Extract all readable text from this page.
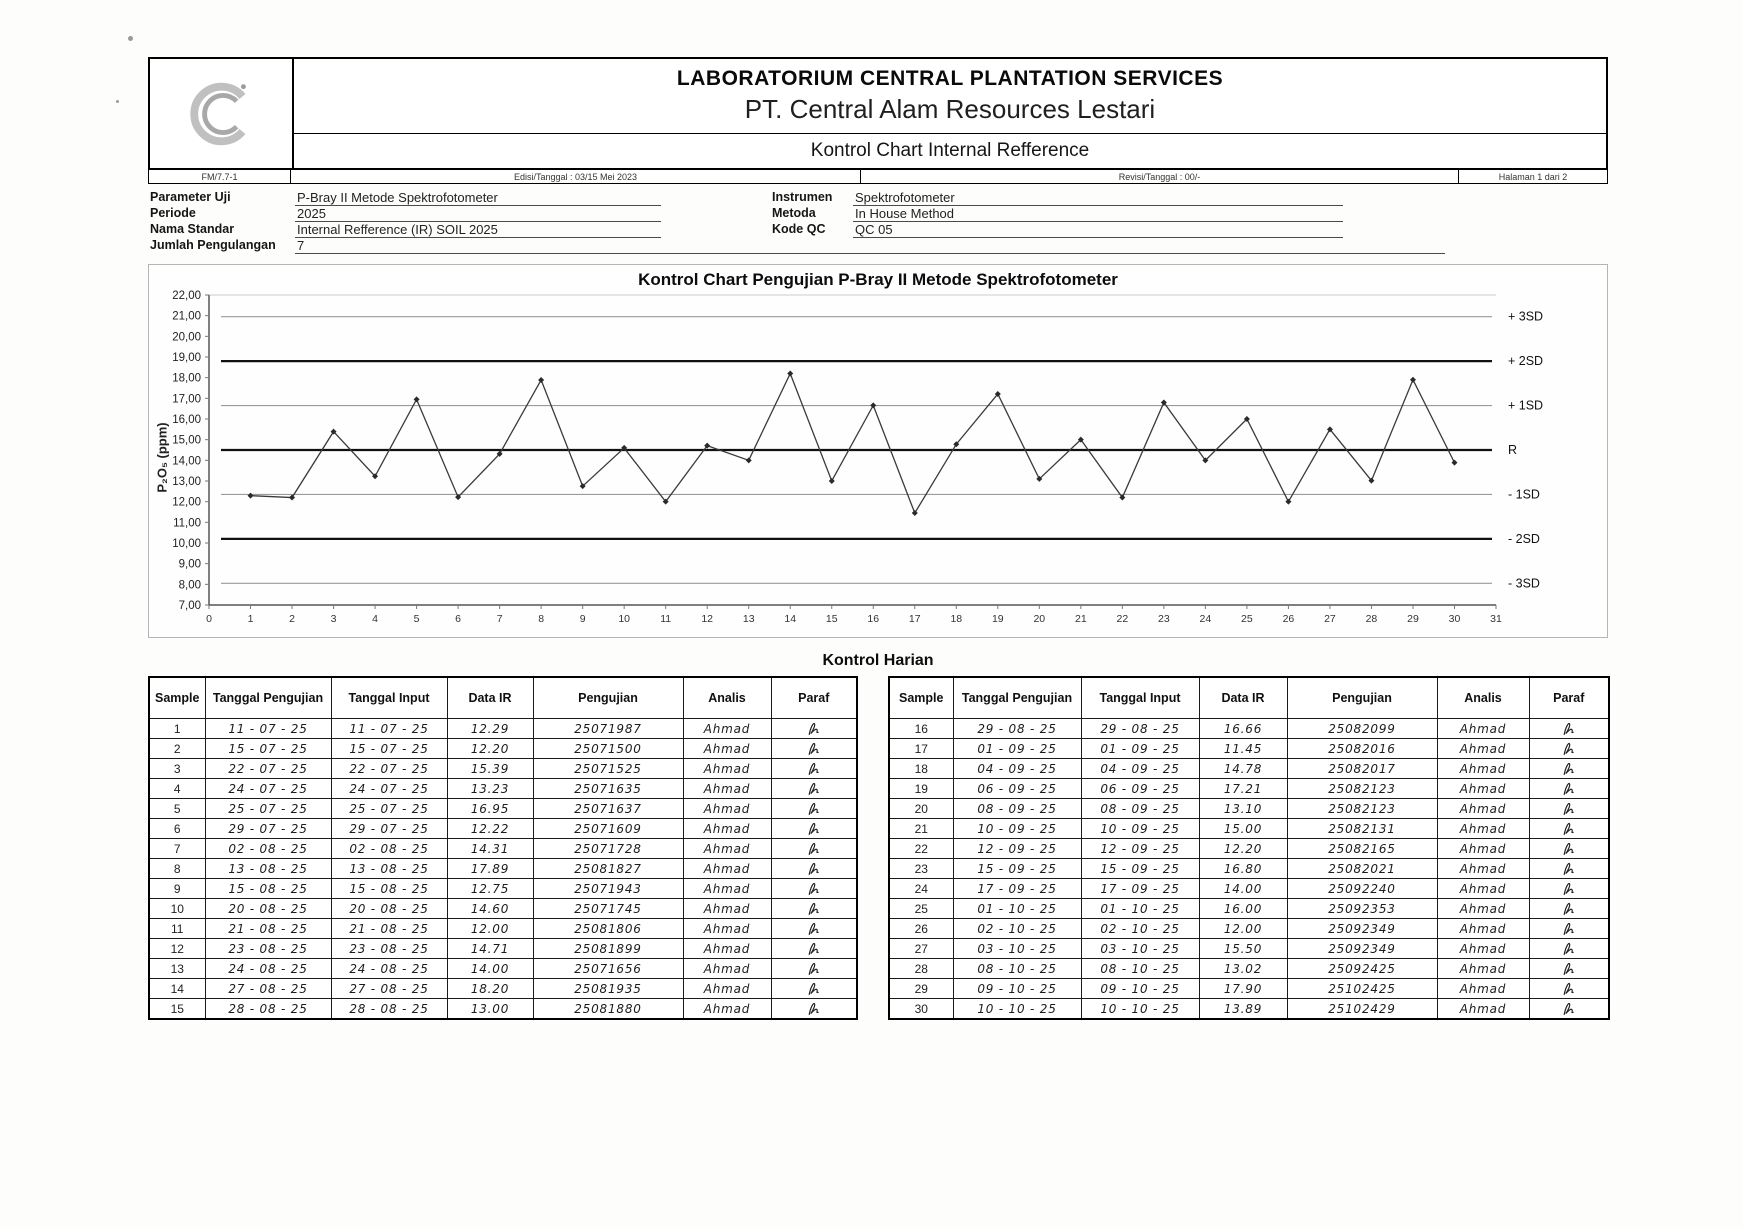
LABORATORIUM CENTRAL PLANTATION SERVICES
PT. Central Alam Resources Lestari
Kontrol Chart Internal Refference
FM/7.7-1	Edisi/Tanggal : 03/15 Mei 2023	Revisi/Tanggal : 00/-	Halaman 1 dari 2
Parameter Uji	P-Bray II Metode Spektrofotometer
Periode	2025
Nama Standar	Internal Refference (IR) SOIL 2025
Jumlah Pengulangan 7
Instrumen Spektrofotometer
Metoda	In House Method
Kode QC QC 05
Kontrol Chart Pengujian P-Bray II Metode Spektrofotometer
P₂O₅ (ppm)
22,00
21,00
20,00
19,00
18,00
17,00
16,00
15,00
14,00
13,00
12,00
11,00
10,00
9,00
8,00
7,00
0	1	2	3	4	5	6	7	8	9	10	11	12	13	14	15	16	17	18	19	20	21	22	23	24	25	26	27	28	29	30	31
+ 3SD
+ 2SD
+ 1SD
R
- 1SD
- 2SD
- 3SD
Kontrol Harian
Sample	Tanggal Pengujian	Tanggal Input	Data IR	Pengujian	Analis	Paraf
1	11 - 07 - 25	11 - 07 - 25	12.29	25071987	Ahmad	
2	15 - 07 - 25	15 - 07 - 25	12.20	25071500	Ahmad	
3	22 - 07 - 25	22 - 07 - 25	15.39	25071525	Ahmad	
4	24 - 07 - 25	24 - 07 - 25	13.23	25071635	Ahmad	
5	25 - 07 - 25	25 - 07 - 25	16.95	25071637	Ahmad	
6	29 - 07 - 25	29 - 07 - 25	12.22	25071609	Ahmad	
7	02 - 08 - 25	02 - 08 - 25	14.31	25071728	Ahmad	
8	13 - 08 - 25	13 - 08 - 25	17.89	25081827	Ahmad	
9	15 - 08 - 25	15 - 08 - 25	12.75	25071943	Ahmad	
10	20 - 08 - 25	20 - 08 - 25	14.60	25071745	Ahmad	
11	21 - 08 - 25	21 - 08 - 25	12.00	25081806	Ahmad	
12	23 - 08 - 25	23 - 08 - 25	14.71	25081899	Ahmad	
13	24 - 08 - 25	24 - 08 - 25	14.00	25071656	Ahmad	
14	27 - 08 - 25	27 - 08 - 25	18.20	25081935	Ahmad	
15	28 - 08 - 25	28 - 08 - 25	13.00	25081880	Ahmad	
Sample	Tanggal Pengujian	Tanggal Input	Data IR	Pengujian	Analis	Paraf
16	29 - 08 - 25	29 - 08 - 25	16.66	25082099	Ahmad	
17	01 - 09 - 25	01 - 09 - 25	11.45	25082016	Ahmad	
18	04 - 09 - 25	04 - 09 - 25	14.78	25082017	Ahmad	
19	06 - 09 - 25	06 - 09 - 25	17.21	25082123	Ahmad	
20	08 - 09 - 25	08 - 09 - 25	13.10	25082123	Ahmad	
21	10 - 09 - 25	10 - 09 - 25	15.00	25082131	Ahmad	
22	12 - 09 - 25	12 - 09 - 25	12.20	25082165	Ahmad	
23	15 - 09 - 25	15 - 09 - 25	16.80	25082021	Ahmad	
24	17 - 09 - 25	17 - 09 - 25	14.00	25092240	Ahmad	
25	01 - 10 - 25	01 - 10 - 25	16.00	25092353	Ahmad	
26	02 - 10 - 25	02 - 10 - 25	12.00	25092349	Ahmad	
27	03 - 10 - 25	03 - 10 - 25	15.50	25092349	Ahmad	
28	08 - 10 - 25	08 - 10 - 25	13.02	25092425	Ahmad	
29	09 - 10 - 25	09 - 10 - 25	17.90	25102425	Ahmad	
30	10 - 10 - 25	10 - 10 - 25	13.89	25102429	Ahmad	
